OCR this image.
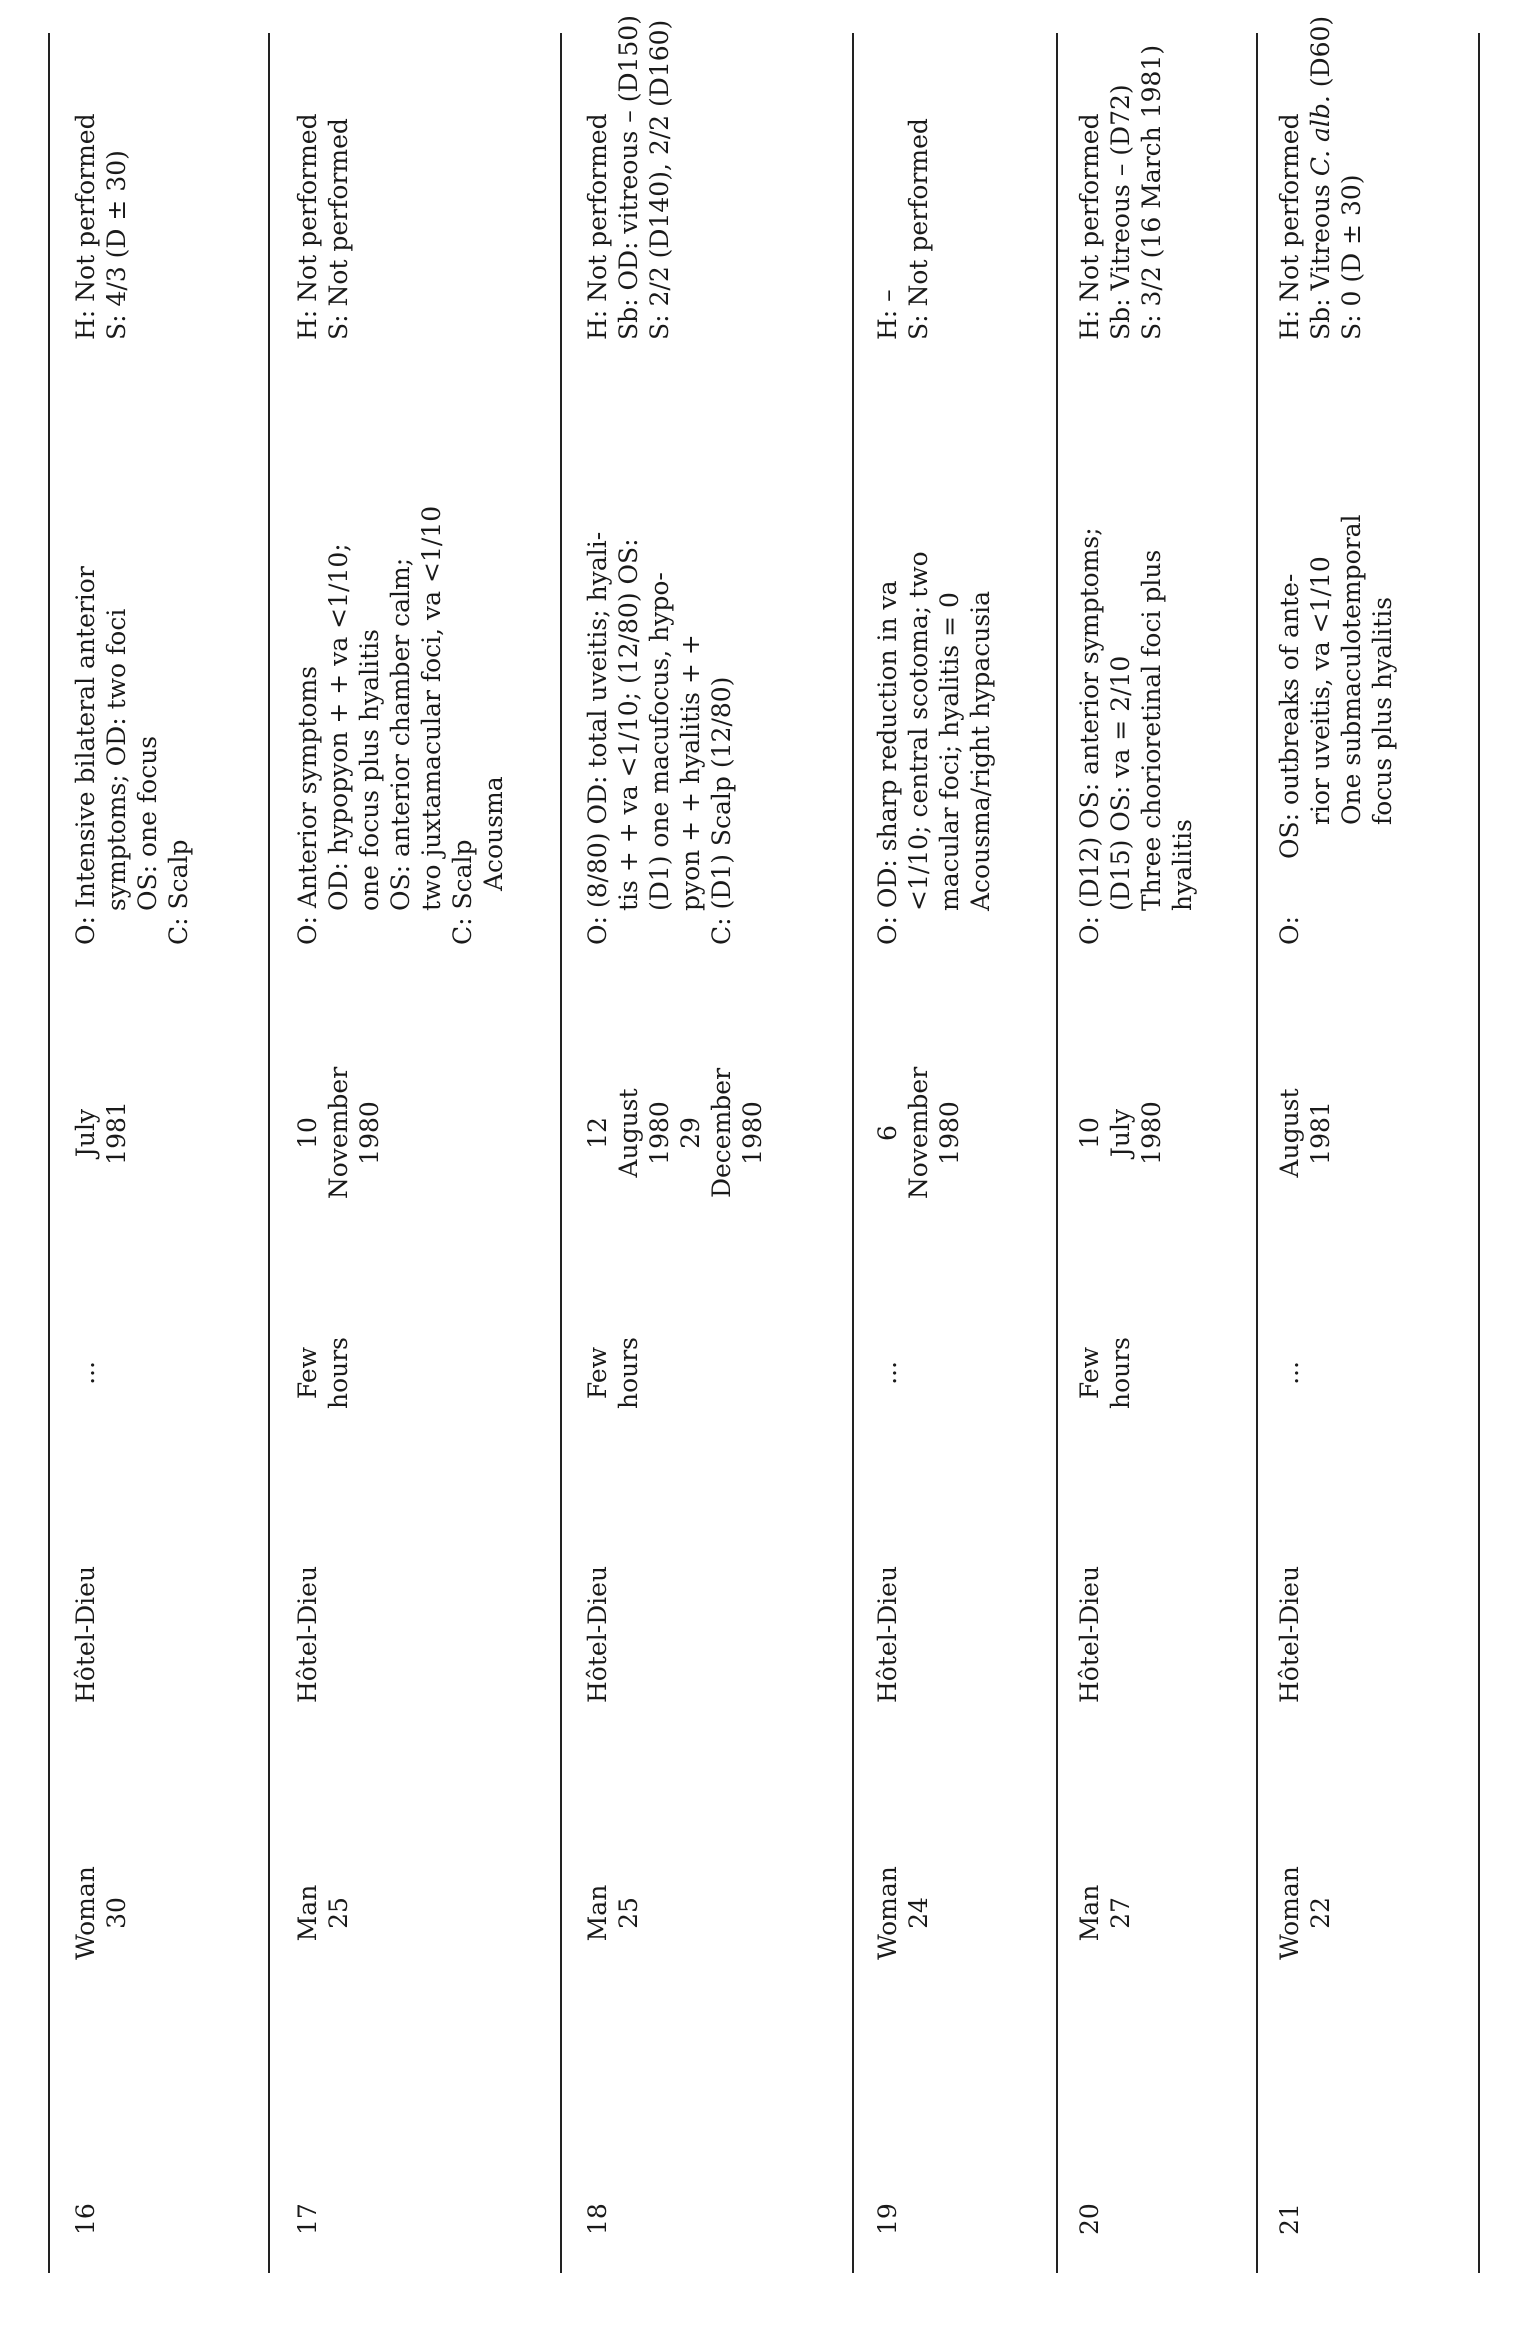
16
Woman 30
Hôtel-Dieu
...
July 1981
O: Intensive bilateral anterior symptoms; OD: two foci OS: one focus C: Scalp
H: Not performed S: 4/3 (D ± 30)
17
Man 25
Hôtel-Dieu
Few hours
10 November 1980
O: Anterior symptoms OD: hypopyon + + va <1/10; one focus plus hyalitis OS: anterior chamber calm; two juxtamacular foci, va <1/10 C: Scalp
Acousma
H: Not performed S: Not performed
18
Man 25
Hôtel-Dieu
Few hours
12 August 1980 29 December 1980
O: (8/80) OD: total uveitis; hyali- tis + + va <1/10; (12/80) OS: (D1) one macufocus, hypo- pyon + + hyalitis + + C: (D1) Scalp (12/80)
H: Not performed Sb: OD: vitreous – (D150) S: 2/2 (D140), 2/2 (D160)
19
Woman 24
Hôtel-Dieu
...
6 November 1980
O: OD: sharp reduction in va <1/10; central scotoma; two macular foci; hyalitis = 0 Acousma/right hypacusia
H: – S: Not performed
20
Man 27
Hôtel-Dieu
Few hours
10 July 1980
O: (D12) OS: anterior symptoms; (D15) OS: va = 2/10 Three chorioretinal foci plus hyalitis
H: Not performed Sb: Vitreous – (D72) S: 3/2 (16 March 1981)
21
Woman 22
Hôtel-Dieu
...
August 1981
O:
OS: outbreaks of ante- rior uveitis, va <1/10 One submaculotemporal focus plus hyalitis
H: Not performed Sb: Vitreous C. alb. (D60)
S: 0 (D ± 30)
